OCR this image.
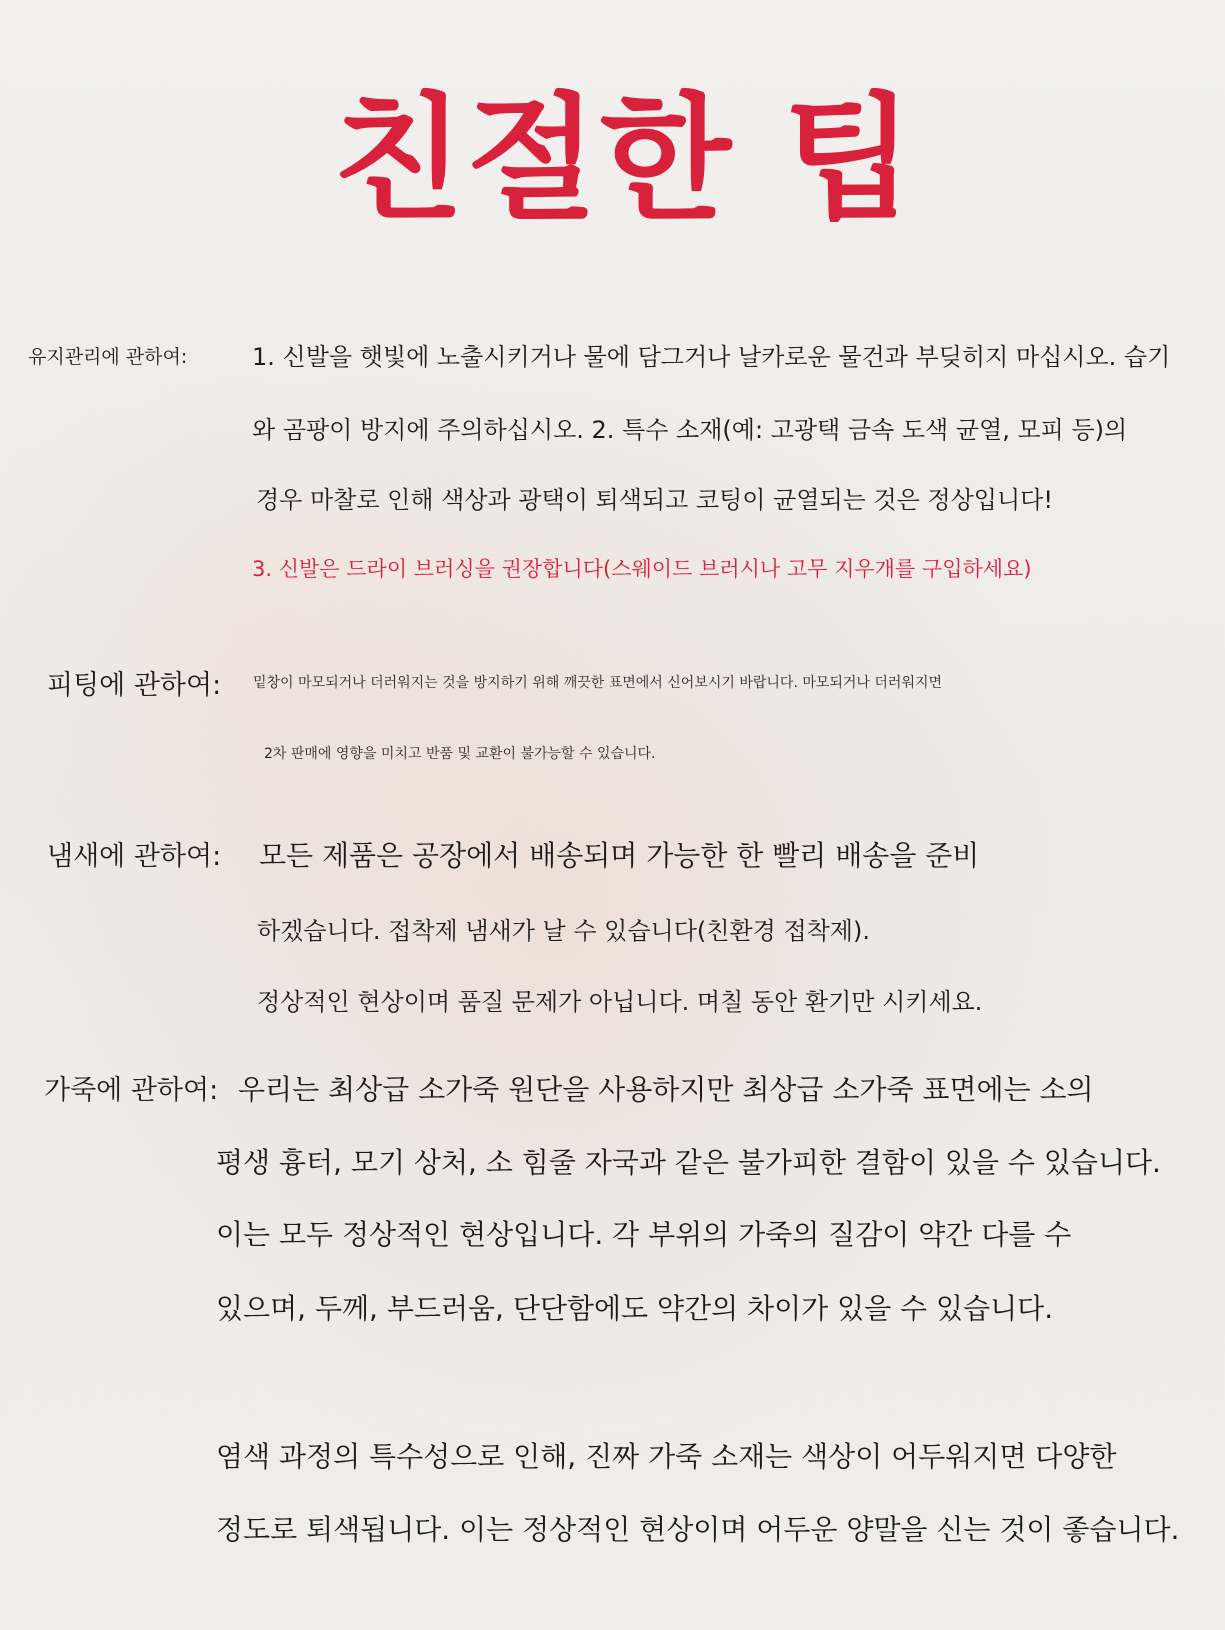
친절한 팁
유지관리에 관하여:	1. 신발을 햇빛에 노출시키거나 물에 담그거나 날카로운 물건과 부딪히지 마십시오. 습기
와 곰팡이 방지에 주의하십시오. 2. 특수 소재(예: 고광택 금속 도색 균열, 모피 등)의
경우 마찰로 인해 색상과 광택이 퇴색되고 코팅이 균열되는 것은 정상입니다!
3. 신발은 드라이 브러싱을 권장합니다(스웨이드 브러시나 고무 지우개를 구입하세요)
피팅에 관하여: 밑창이 마모되거나 더러워지는 것을 방지하기 위해 깨끗한 표면에서 신어보시기 바랍니다. 마모되거나 더러워지면
2차 판매에 영향을 미치고 반품 및 교환이 불가능할 수 있습니다.
냄새에 관하여: 모든 제품은 공장에서 배송되며 가능한 한 빨리 배송을 준비
하겠습니다. 접착제 냄새가 날 수 있습니다(친환경 접착제).
정상적인 현상이며 품질 문제가 아닙니다. 며칠 동안 환기만 시키세요.
가죽에 관하여: 우리는 최상급 소가죽 원단을 사용하지만 최상급 소가죽 표면에는 소의
평생 흉터, 모기 상처, 소 힘줄 자국과 같은 불가피한 결함이 있을 수 있습니다.
이는 모두 정상적인 현상입니다. 각 부위의 가죽의 질감이 약간 다를 수
있으며, 두께, 부드러움, 단단함에도 약간의 차이가 있을 수 있습니다.
염색 과정의 특수성으로 인해, 진짜 가죽 소재는 색상이 어두워지면 다양한
정도로 퇴색됩니다. 이는 정상적인 현상이며 어두운 양말을 신는 것이 좋습니다.
